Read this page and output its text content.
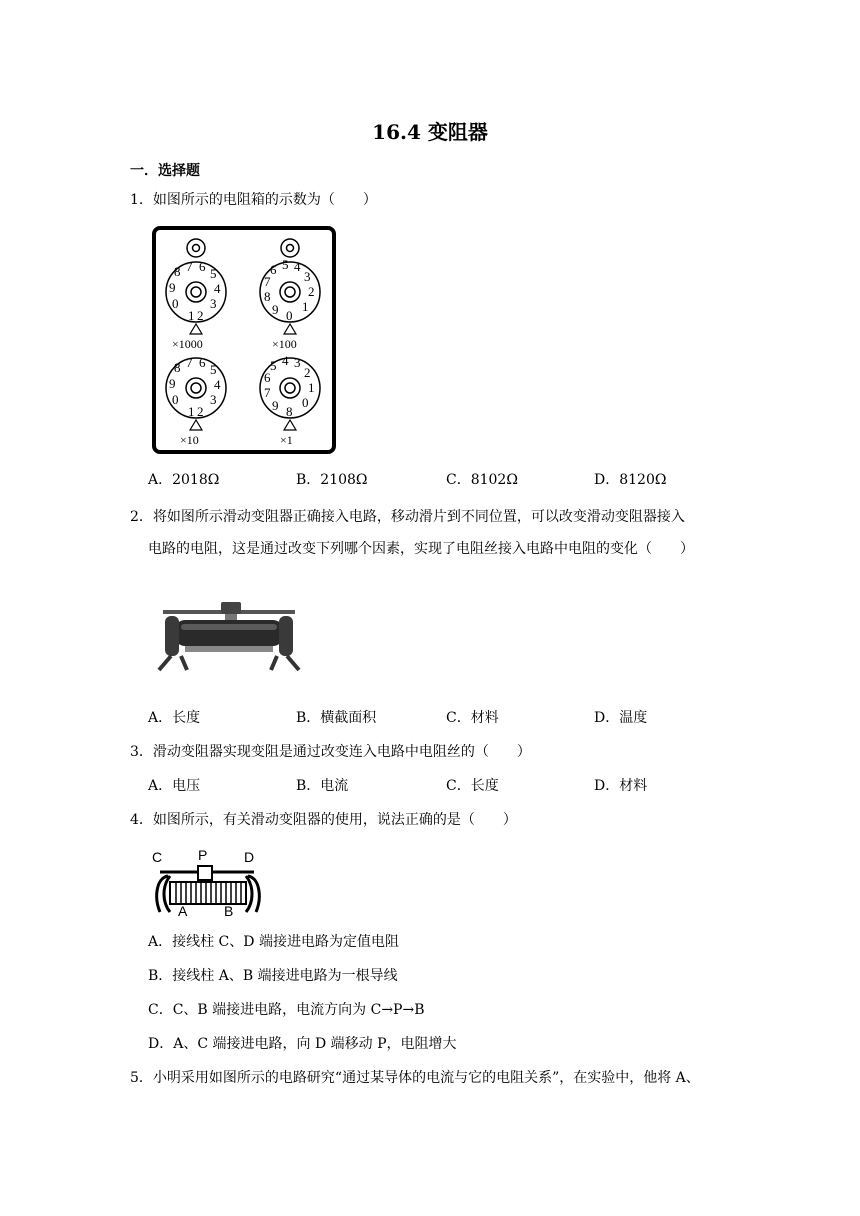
16.4 变阻器
一．选择题
1．如图所示的电阻箱的示数为（　　）
1 2
0
9
8 7 6 5
4
3
×1000
0
9
8
7
6 5 4
3
2
1
×100
1 2
0
9
8 7 6 5
4
3
×10
8
9
7
6
5 4 3
2
1
0
×1
A．2018Ω	B．2108Ω	C．8102Ω	D．8120Ω
2．将如图所示滑动变阻器正确接入电路，移动滑片到不同位置，可以改变滑动变阻器接入
电路的电阻，这是通过改变下列哪个因素，实现了电阻丝接入电路中电阻的变化（　　）
A．长度	B．横截面积	C．材料	D．温度
3．滑动变阻器实现变阻是通过改变连入电路中电阻丝的（　　）
A．电压	B．电流	C．长度	D．材料
4．如图所示，有关滑动变阻器的使用，说法正确的是（　　）
C	P	D
A	B
A．接线柱 C、D 端接进电路为定值电阻
B．接线柱 A、B 端接进电路为一根导线
C．C、B 端接进电路，电流方向为 C→P→B
D．A、C 端接进电路，向 D 端移动 P，电阻增大
5．小明采用如图所示的电路研究“通过某导体的电流与它的电阻关系”，在实验中，他将 A、
